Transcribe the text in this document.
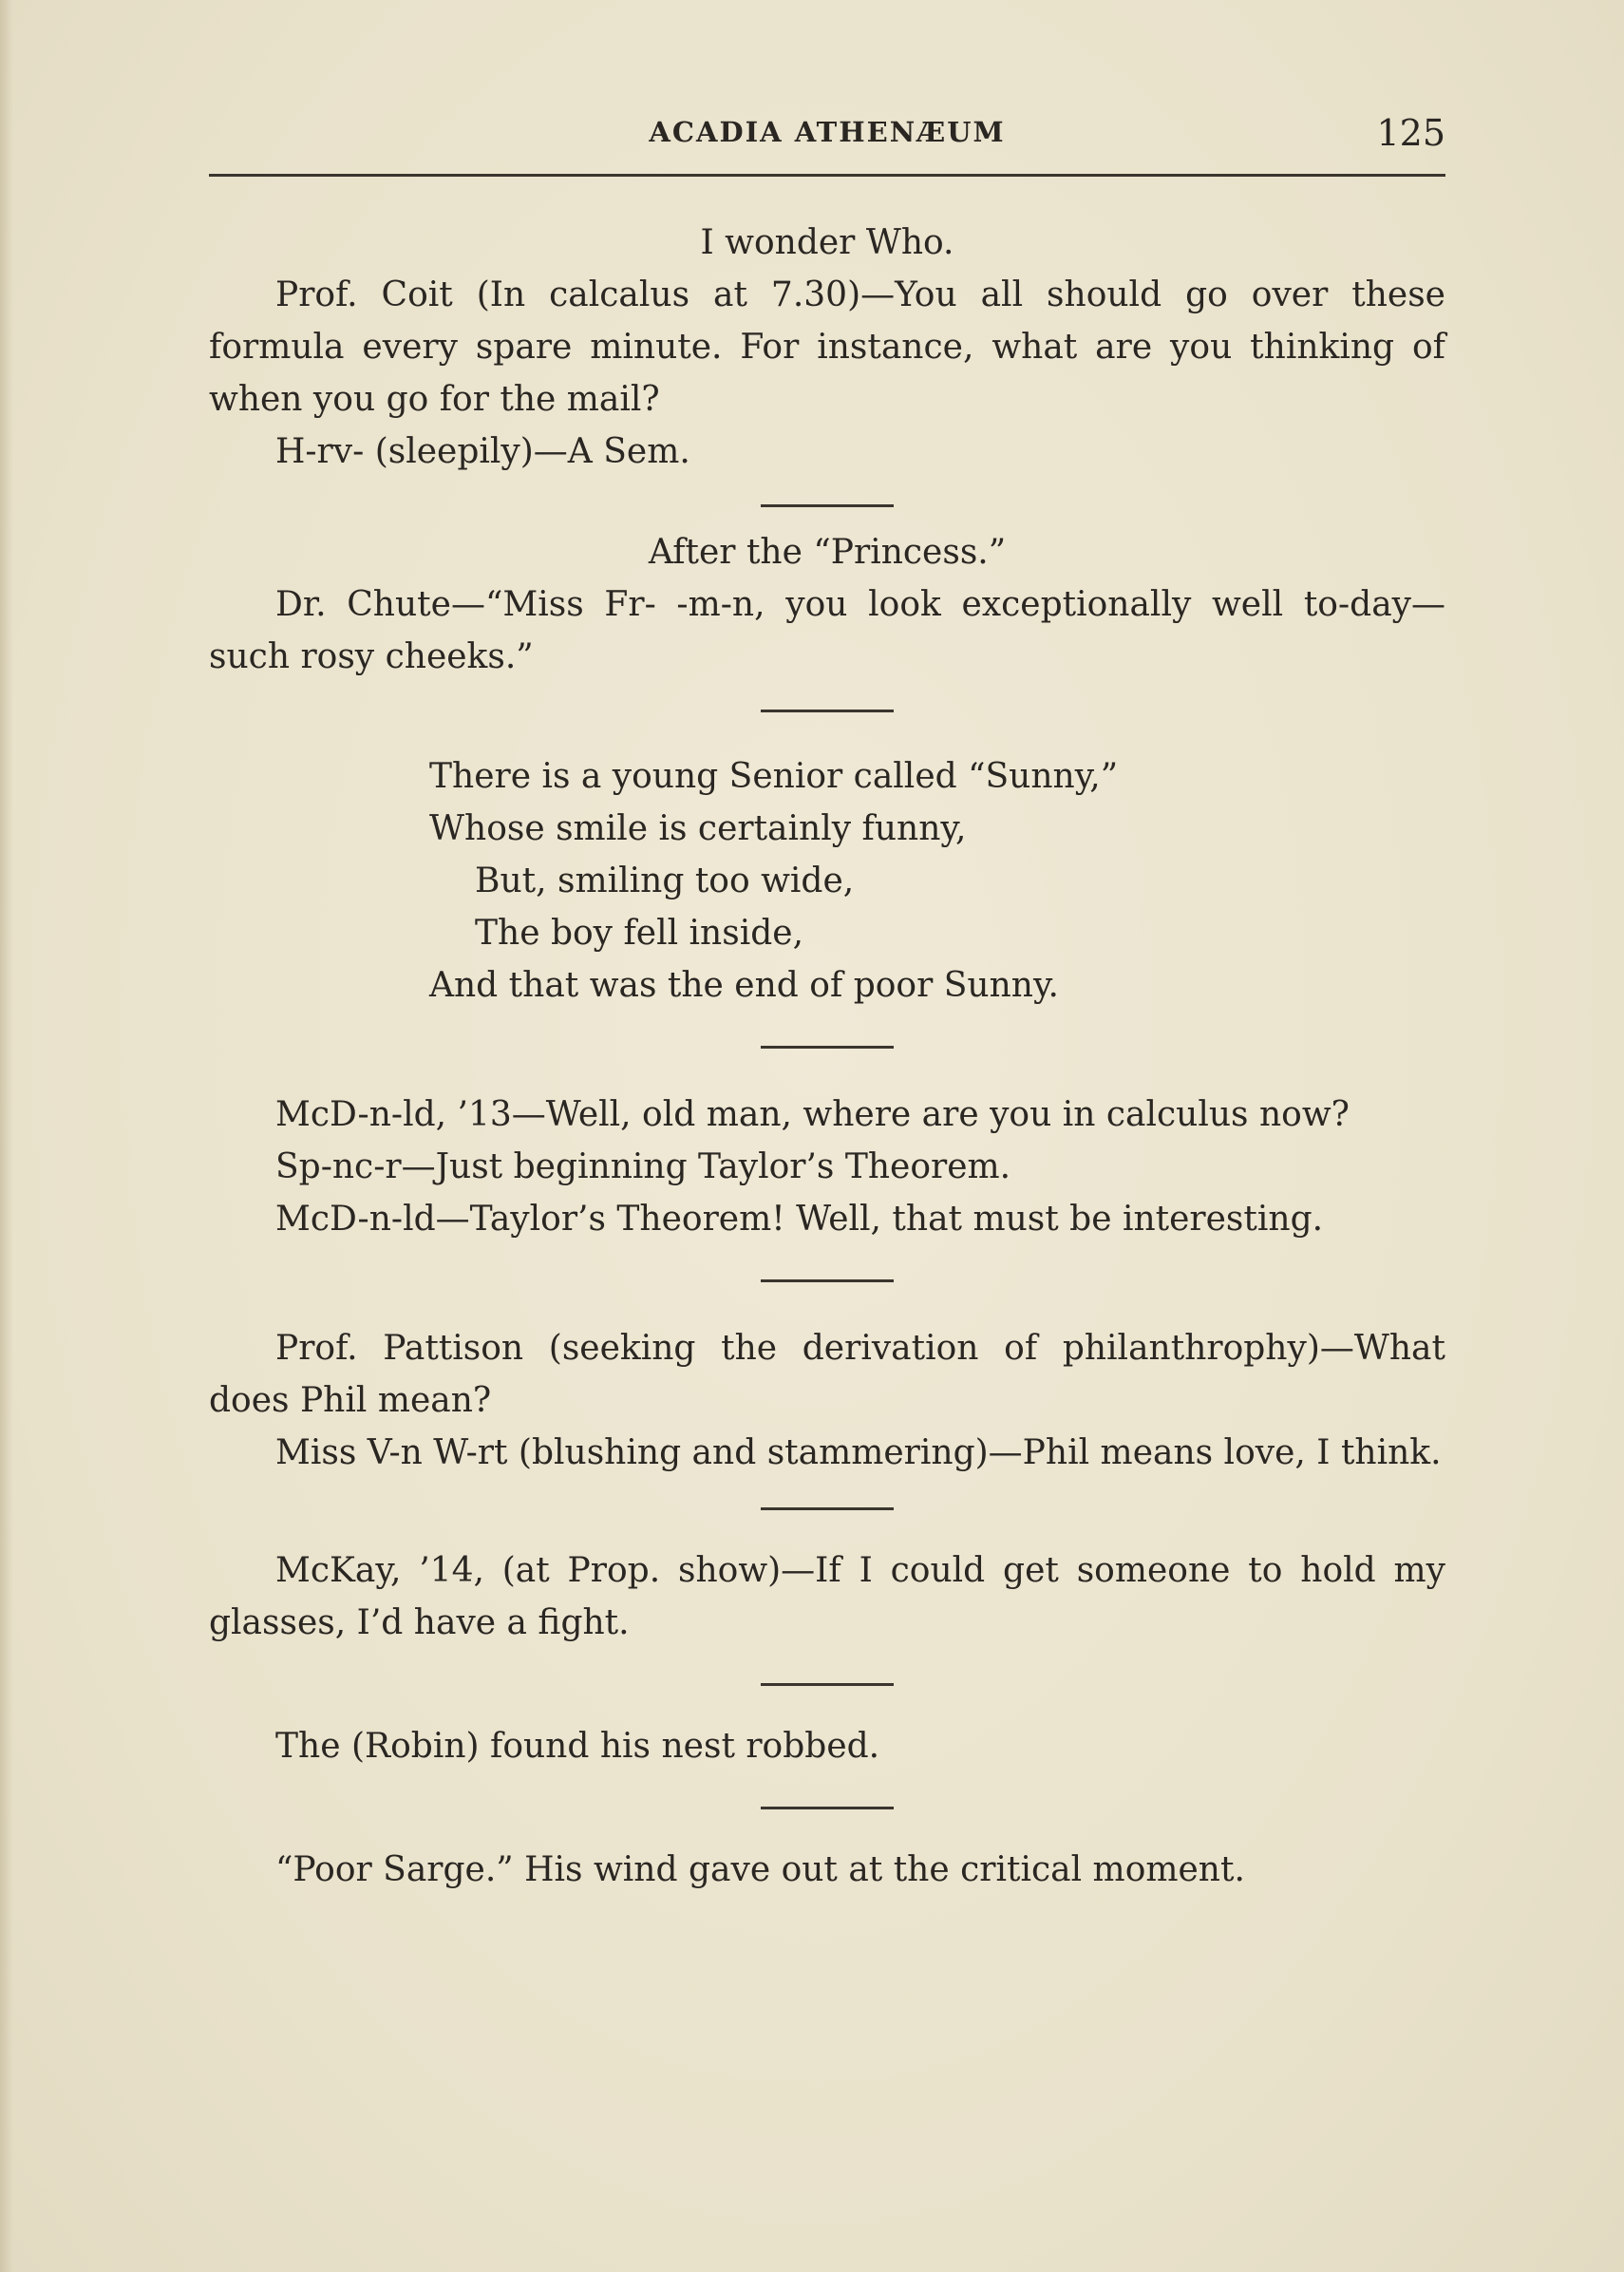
ACADIA ATHENÆUM	125

I wonder Who.

Prof. Coit (In calcalus at 7.30)—You all should go over these formula every spare minute. For instance, what are you thinking of when you go for the mail?

H-rv- (sleepily)—A Sem.

After the “Princess.”

Dr. Chute—“Miss Fr- -m-n, you look exceptionally well to-day—such rosy cheeks.”

There is a young Senior called “Sunny,”

Whose smile is certainly funny,

But, smiling too wide,

The boy fell inside,

And that was the end of poor Sunny.

McD-n-ld, ’13—Well, old man, where are you in calculus now?

Sp-nc-r—Just beginning Taylor’s Theorem.

McD-n-ld—Taylor’s Theorem! Well, that must be interesting.

Prof. Pattison (seeking the derivation of philanthrophy)—What does Phil mean?

Miss V-n W-rt (blushing and stammering)—Phil means love, I think.

McKay, ’14, (at Prop. show)—If I could get someone to hold my glasses, I’d have a fight.

The (Robin) found his nest robbed.

“Poor Sarge.” His wind gave out at the critical moment.
